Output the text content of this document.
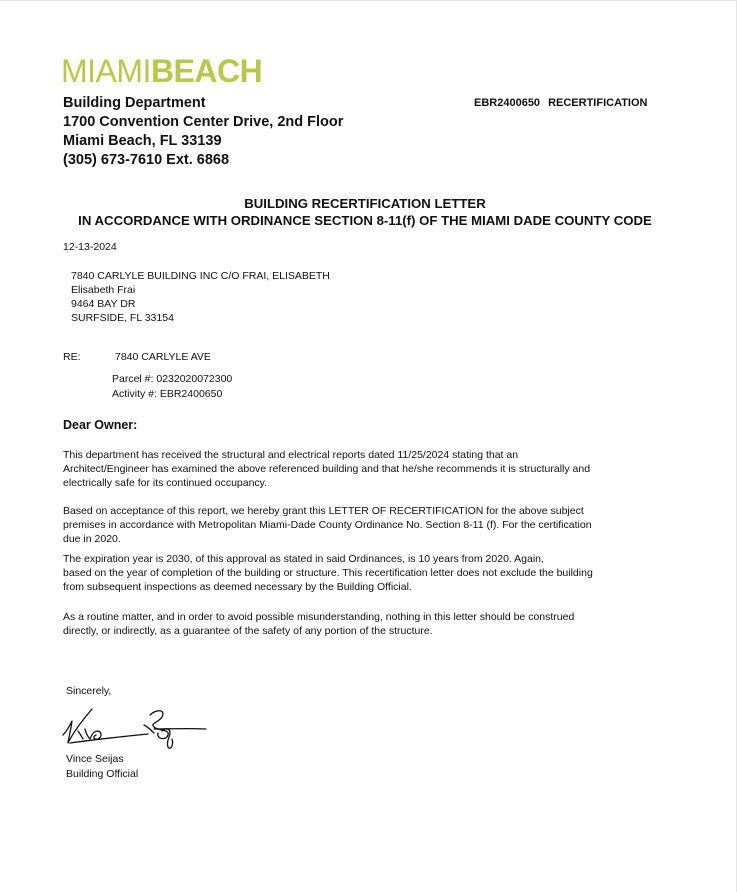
MIAMIBEACH
Building Department
1700 Convention Center Drive, 2nd Floor
Miami Beach, FL 33139
(305) 673-7610 Ext. 6868
EBR2400650 RECERTIFICATION
BUILDING RECERTIFICATION LETTER
IN ACCORDANCE WITH ORDINANCE SECTION 8-11(f) OF THE MIAMI DADE COUNTY CODE
12-13-2024
7840 CARLYLE BUILDING INC C/O FRAI, ELISABETH
Elisabeth Frai
9464 BAY DR
SURFSIDE, FL 33154
RE:	7840 CARLYLE AVE
Parcel #: 0232020072300
Activity #: EBR2400650
Dear Owner:
This department has received the structural and electrical reports dated 11/25/2024 stating that an
Architect/Engineer has examined the above referenced building and that he/she recommends it is structurally and
electrically safe for its continued occupancy.
Based on acceptance of this report, we hereby grant this LETTER OF RECERTIFICATION for the above subject
premises in accordance with Metropolitan Miami-Dade County Ordinance No. Section 8-11 (f). For the certification
due in 2020.
The expiration year is 2030, of this approval as stated in said Ordinances, is 10 years from 2020. Again,
based on the year of completion of the building or structure. This recertification letter does not exclude the building
from subsequent inspections as deemed necessary by the Building Official.
As a routine matter, and in order to avoid possible misunderstanding, nothing in this letter should be construed
directly, or indirectly, as a guarantee of the safety of any portion of the structure.
Sincerely,
Vince Seijas
Building Official
